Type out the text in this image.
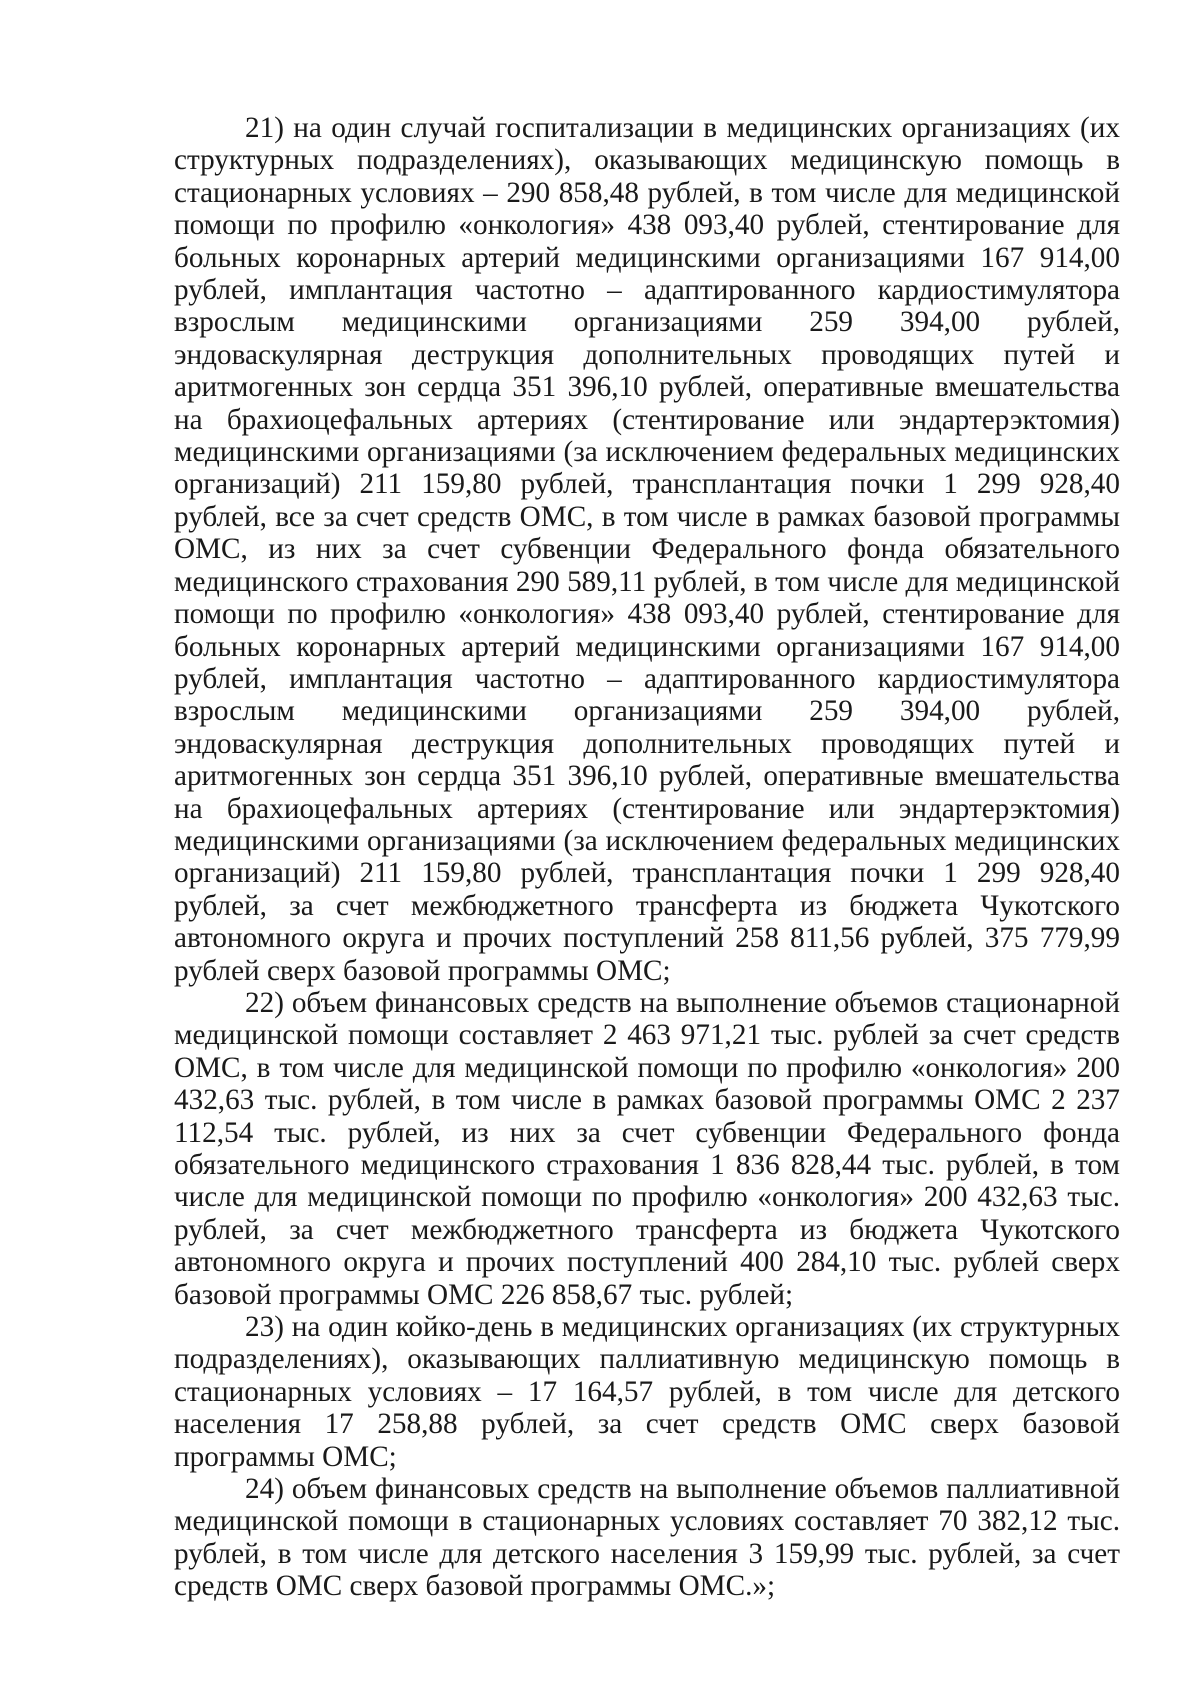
21) на один случай госпитализации в медицинских организациях (их структурных подразделениях), оказывающих медицинскую помощь в стационарных условиях – 290 858,48 рублей, в том числе для медицинской помощи по профилю «онкология» 438 093,40 рублей, стентирование для больных коронарных артерий медицинскими организациями 167 914,00 рублей, имплантация частотно – адаптированного кардиостимулятора взрослым медицинскими организациями 259 394,00 рублей, эндоваскулярная деструкция дополнительных проводящих путей и аритмогенных зон сердца 351 396,10 рублей, оперативные вмешательства на брахиоцефальных артериях (стентирование или эндартерэктомия) медицинскими организациями (за исключением федеральных медицинских организаций) 211 159,80 рублей, трансплантация почки 1 299 928,40 рублей, все за счет средств ОМС, в том числе в рамках базовой программы ОМС, из них за счет субвенции Федерального фонда обязательного медицинского страхования 290 589,11 рублей, в том числе для медицинской помощи по профилю «онкология» 438 093,40 рублей, стентирование для больных коронарных артерий медицинскими организациями 167 914,00 рублей, имплантация частотно – адаптированного кардиостимулятора взрослым медицинскими организациями 259 394,00 рублей, эндоваскулярная деструкция дополнительных проводящих путей и аритмогенных зон сердца 351 396,10 рублей, оперативные вмешательства на брахиоцефальных артериях (стентирование или эндартерэктомия) медицинскими организациями (за исключением федеральных медицинских организаций) 211 159,80 рублей, трансплантация почки 1 299 928,40 рублей, за счет межбюджетного трансферта из бюджета Чукотского автономного округа и прочих поступлений 258 811,56 рублей, 375 779,99 рублей сверх базовой программы ОМС;

22) объем финансовых средств на выполнение объемов стационарной медицинской помощи составляет 2 463 971,21 тыс. рублей за счет средств ОМС, в том числе для медицинской помощи по профилю «онкология» 200 432,63 тыс. рублей, в том числе в рамках базовой программы ОМС 2 237 112,54 тыс. рублей, из них за счет субвенции Федерального фонда обязательного медицинского страхования 1 836 828,44 тыс. рублей, в том числе для медицинской помощи по профилю «онкология» 200 432,63 тыс. рублей, за счет межбюджетного трансферта из бюджета Чукотского автономного округа и прочих поступлений 400 284,10 тыс. рублей сверх базовой программы ОМС 226 858,67 тыс. рублей;

23) на один койко-день в медицинских организациях (их структурных подразделениях), оказывающих паллиативную медицинскую помощь в стационарных условиях – 17 164,57 рублей, в том числе для детского населения 17 258,88 рублей, за счет средств ОМС сверх базовой программы ОМС;

24) объем финансовых средств на выполнение объемов паллиативной медицинской помощи в стационарных условиях составляет 70 382,12 тыс. рублей, в том числе для детского населения 3 159,99 тыс. рублей, за счет средств ОМС сверх базовой программы ОМС.»;
